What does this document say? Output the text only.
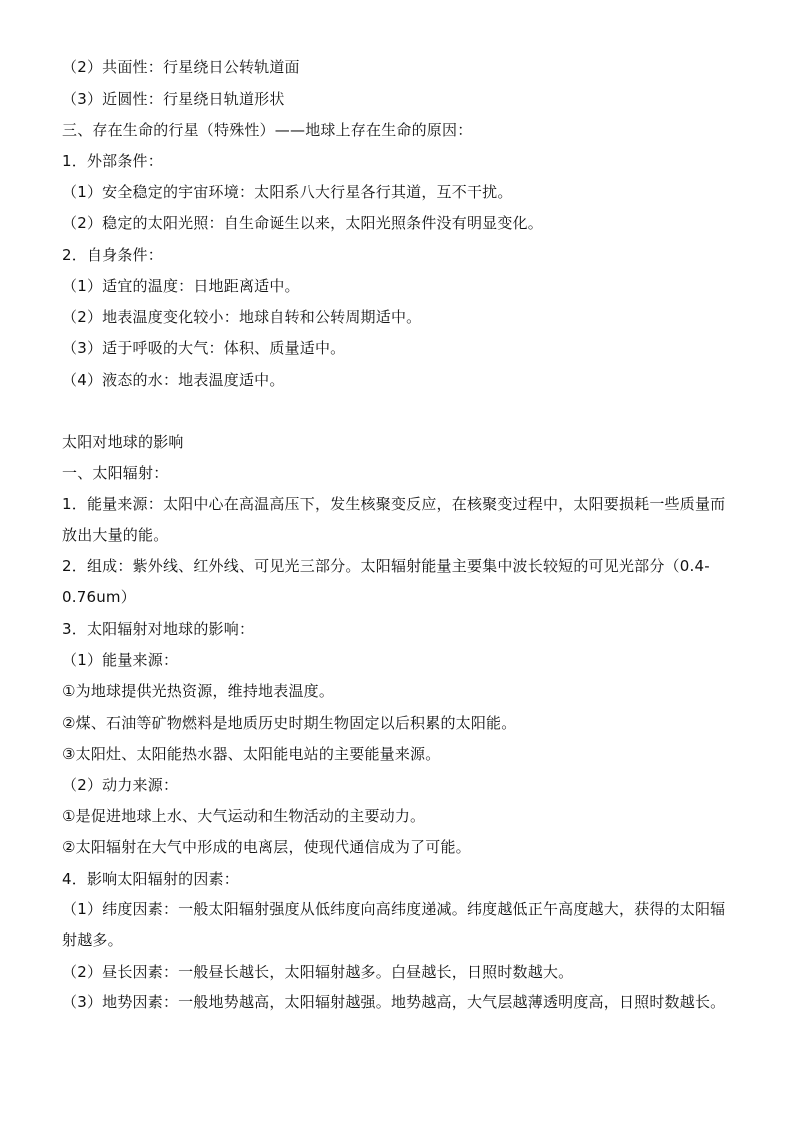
（2）共面性：行星绕日公转轨道面
（3）近圆性：行星绕日轨道形状
三、存在生命的行星（特殊性）——地球上存在生命的原因：
1．外部条件：
（1）安全稳定的宇宙环境：太阳系八大行星各行其道，互不干扰。
（2）稳定的太阳光照：自生命诞生以来，太阳光照条件没有明显变化。
2．自身条件：
（1）适宜的温度：日地距离适中。
（2）地表温度变化较小：地球自转和公转周期适中。
（3）适于呼吸的大气：体积、质量适中。
（4）液态的水：地表温度适中。
太阳对地球的影响
一、太阳辐射：
1．能量来源：太阳中心在高温高压下，发生核聚变反应，在核聚变过程中，太阳要损耗一些质量而放出大量的能。
2．组成：紫外线、红外线、可见光三部分。太阳辐射能量主要集中波长较短的可见光部分（0.4-0.76um）
3．太阳辐射对地球的影响：
（1）能量来源：
①为地球提供光热资源，维持地表温度。
②煤、石油等矿物燃料是地质历史时期生物固定以后积累的太阳能。
③太阳灶、太阳能热水器、太阳能电站的主要能量来源。
（2）动力来源：
①是促进地球上水、大气运动和生物活动的主要动力。
②太阳辐射在大气中形成的电离层，使现代通信成为了可能。
4．影响太阳辐射的因素：
（1）纬度因素：一般太阳辐射强度从低纬度向高纬度递减。纬度越低正午高度越大，获得的太阳辐射越多。
（2）昼长因素：一般昼长越长，太阳辐射越多。白昼越长，日照时数越大。
（3）地势因素：一般地势越高，太阳辐射越强。地势越高，大气层越薄透明度高，日照时数越长。
